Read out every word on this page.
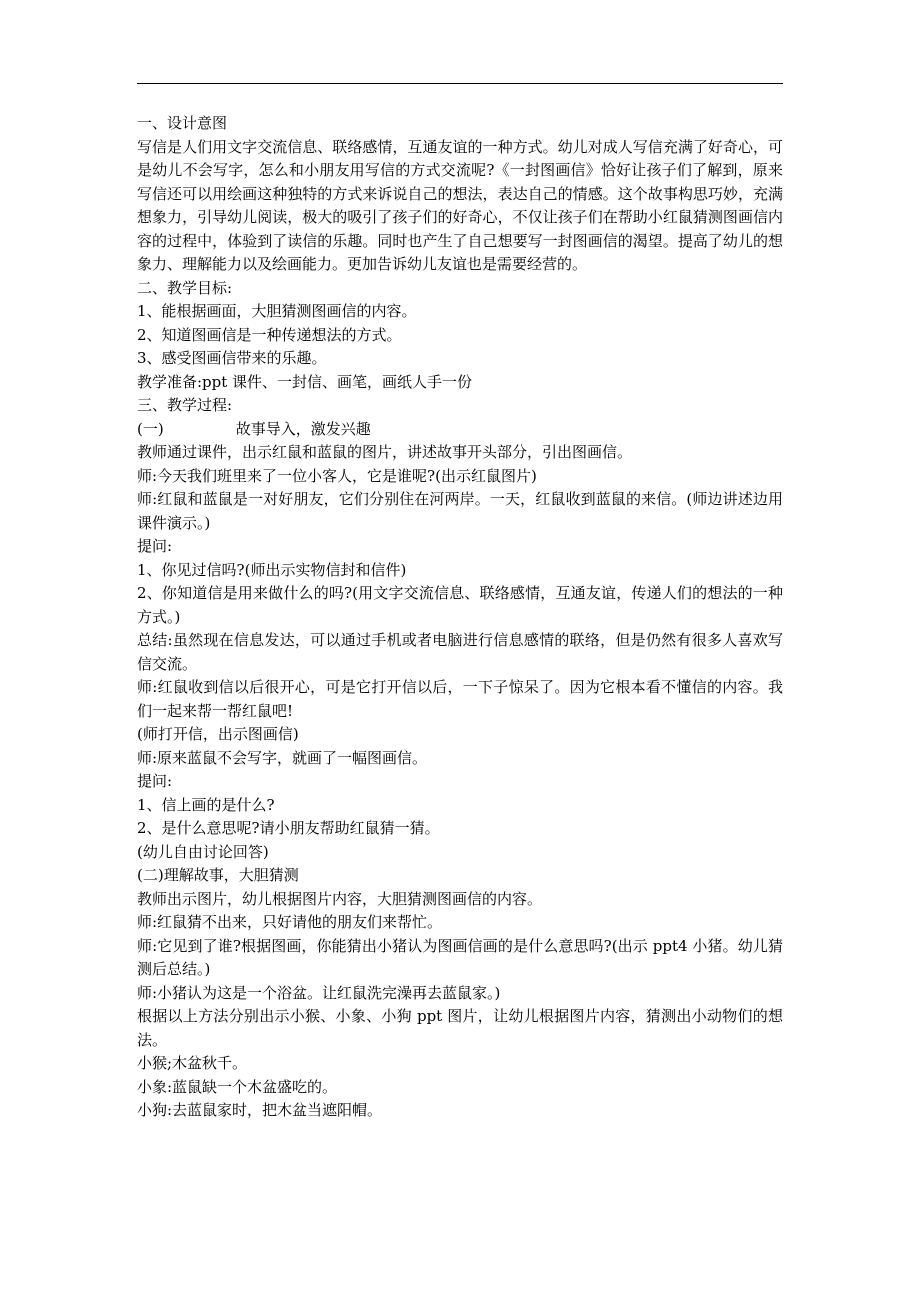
一、设计意图

写信是人们用文字交流信息、联络感情，互通友谊的一种方式。幼儿对成人写信充满了好奇心，可是幼儿不会写字，怎么和小朋友用写信的方式交流呢?《一封图画信》恰好让孩子们了解到，原来写信还可以用绘画这种独特的方式来诉说自己的想法，表达自己的情感。这个故事构思巧妙，充满想象力，引导幼儿阅读，极大的吸引了孩子们的好奇心，不仅让孩子们在帮助小红鼠猜测图画信内容的过程中，体验到了读信的乐趣。同时也产生了自己想要写一封图画信的渴望。提高了幼儿的想象力、理解能力以及绘画能力。更加告诉幼儿友谊也是需要经营的。

二、教学目标:

1、能根据画面，大胆猜测图画信的内容。

2、知道图画信是一种传递想法的方式。

3、感受图画信带来的乐趣。

教学准备:ppt 课件、一封信、画笔，画纸人手一份

三、教学过程:

(一)	故事导入，激发兴趣

教师通过课件，出示红鼠和蓝鼠的图片，讲述故事开头部分，引出图画信。

师:今天我们班里来了一位小客人，它是谁呢?(出示红鼠图片)

师:红鼠和蓝鼠是一对好朋友，它们分别住在河两岸。一天，红鼠收到蓝鼠的来信。(师边讲述边用课件演示。)

提问:

1、你见过信吗?(师出示实物信封和信件)

2、你知道信是用来做什么的吗?(用文字交流信息、联络感情，互通友谊，传递人们的想法的一种方式。)

总结:虽然现在信息发达，可以通过手机或者电脑进行信息感情的联络，但是仍然有很多人喜欢写信交流。

师:红鼠收到信以后很开心，可是它打开信以后，一下子惊呆了。因为它根本看不懂信的内容。我们一起来帮一帮红鼠吧!

(师打开信，出示图画信)

师:原来蓝鼠不会写字，就画了一幅图画信。

提问:

1、信上画的是什么?

2、是什么意思呢?请小朋友帮助红鼠猜一猜。

(幼儿自由讨论回答)

(二)理解故事，大胆猜测

教师出示图片，幼儿根据图片内容，大胆猜测图画信的内容。

师:红鼠猜不出来，只好请他的朋友们来帮忙。

师:它见到了谁?根据图画，你能猜出小猪认为图画信画的是什么意思吗?(出示 ppt4 小猪。幼儿猜测后总结。)

师:小猪认为这是一个浴盆。让红鼠洗完澡再去蓝鼠家。)

根据以上方法分别出示小猴、小象、小狗 ppt 图片，让幼儿根据图片内容，猜测出小动物们的想法。

小猴;木盆秋千。

小象:蓝鼠缺一个木盆盛吃的。

小狗:去蓝鼠家时，把木盆当遮阳帽。
